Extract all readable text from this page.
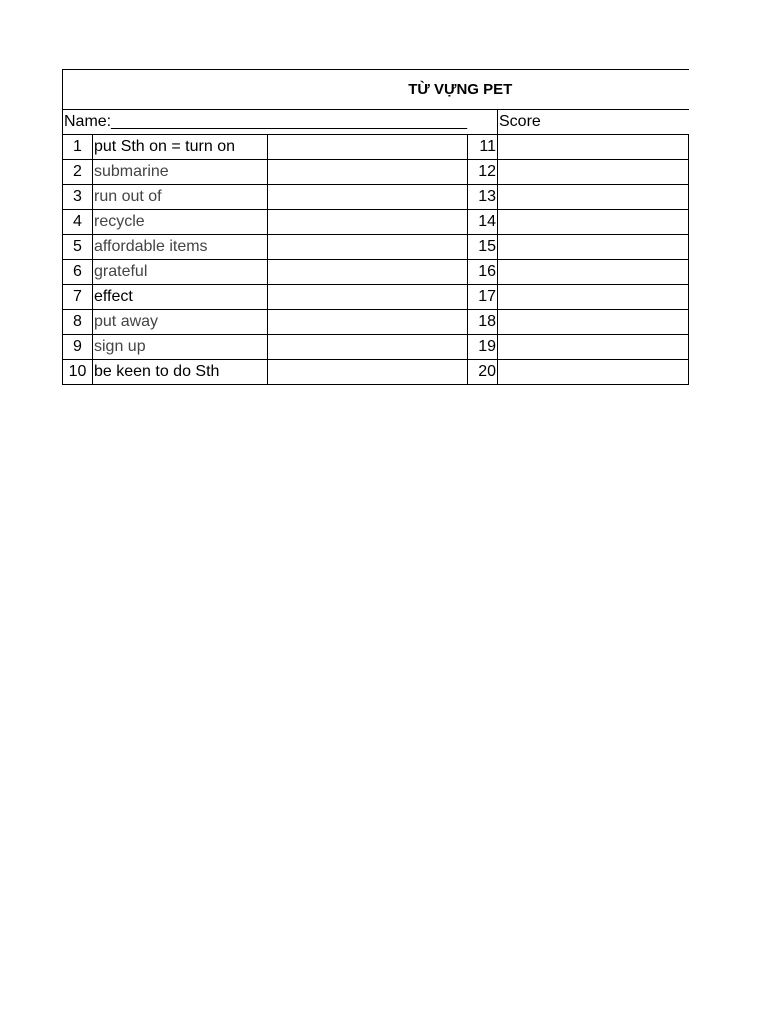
TỪ VỰNG PET				
Name:________________________________________				Score
1	put Sth on = turn on		11	
2	submarine		12	
3	run out of		13	
4	recycle		14	
5	affordable items		15	
6	grateful		16	
7	effect		17	
8	put away		18	
9	sign up		19	
10	be keen to do Sth		20	
